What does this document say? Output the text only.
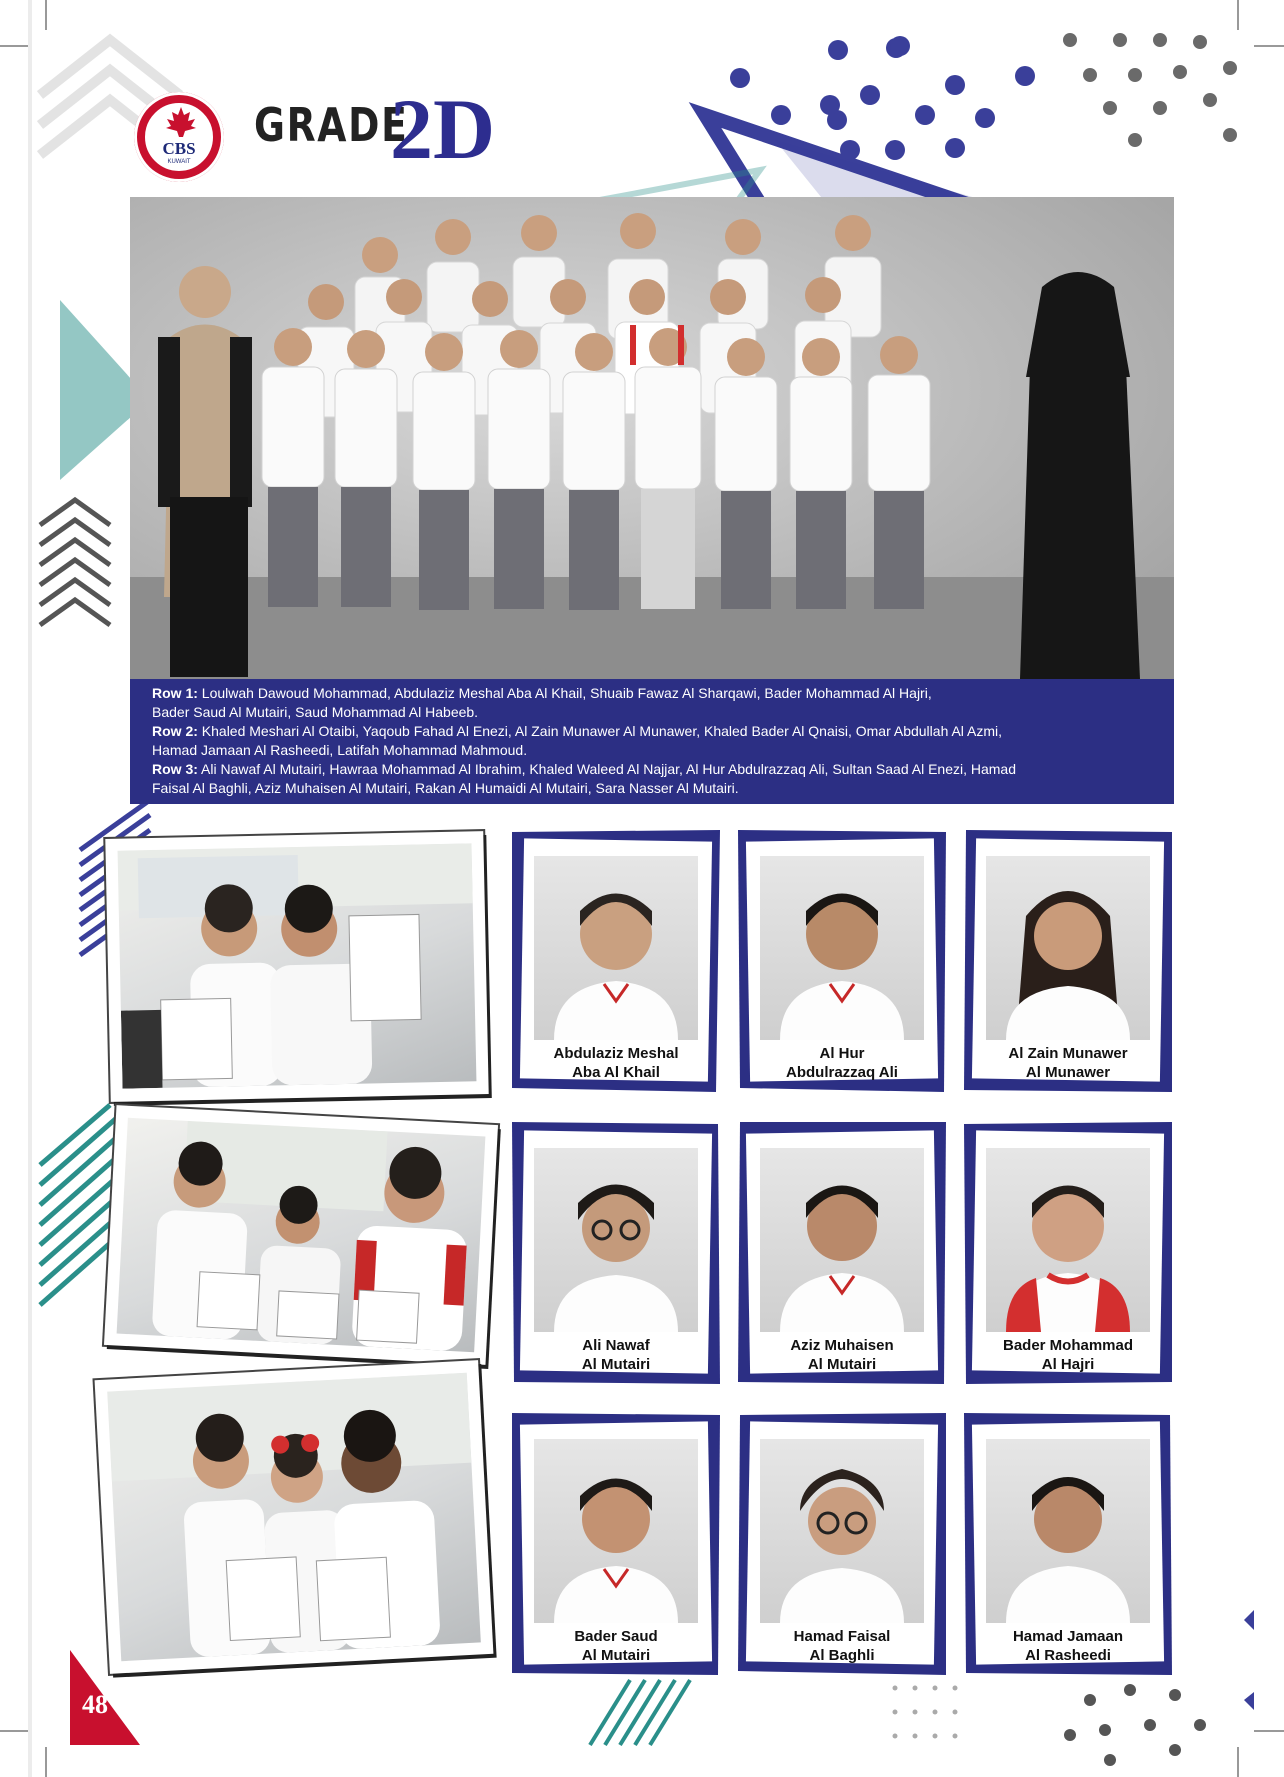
CBS
KUWAIT
GRADE
2D
Row 1: Loulwah Dawoud Mohammad, Abdulaziz Meshal Aba Al Khail, Shuaib Fawaz Al Sharqawi, Bader Mohammad Al Hajri,
Bader Saud Al Mutairi, Saud Mohammad Al Habeeb.
Row 2: Khaled Meshari Al Otaibi, Yaqoub Fahad Al Enezi, Al Zain Munawer Al Munawer, Khaled Bader Al Qnaisi, Omar Abdullah Al Azmi,
Hamad Jamaan Al Rasheedi, Latifah Mohammad Mahmoud.
Row 3: Ali Nawaf Al Mutairi, Hawraa Mohammad Al Ibrahim, Khaled Waleed Al Najjar, Al Hur Abdulrazzaq Ali, Sultan Saad Al Enezi, Hamad
Faisal Al Baghli, Aziz Muhaisen Al Mutairi, Rakan Al Humaidi Al Mutairi, Sara Nasser Al Mutairi.
Abdulaziz Meshal
Aba Al Khail
Al Hur
Abdulrazzaq Ali
Al Zain Munawer
Al Munawer
Ali Nawaf
Al Mutairi
Aziz Muhaisen
Al Mutairi
Bader Mohammad
Al Hajri
Bader Saud
Al Mutairi
Hamad Faisal
Al Baghli
Hamad Jamaan
Al Rasheedi
48
